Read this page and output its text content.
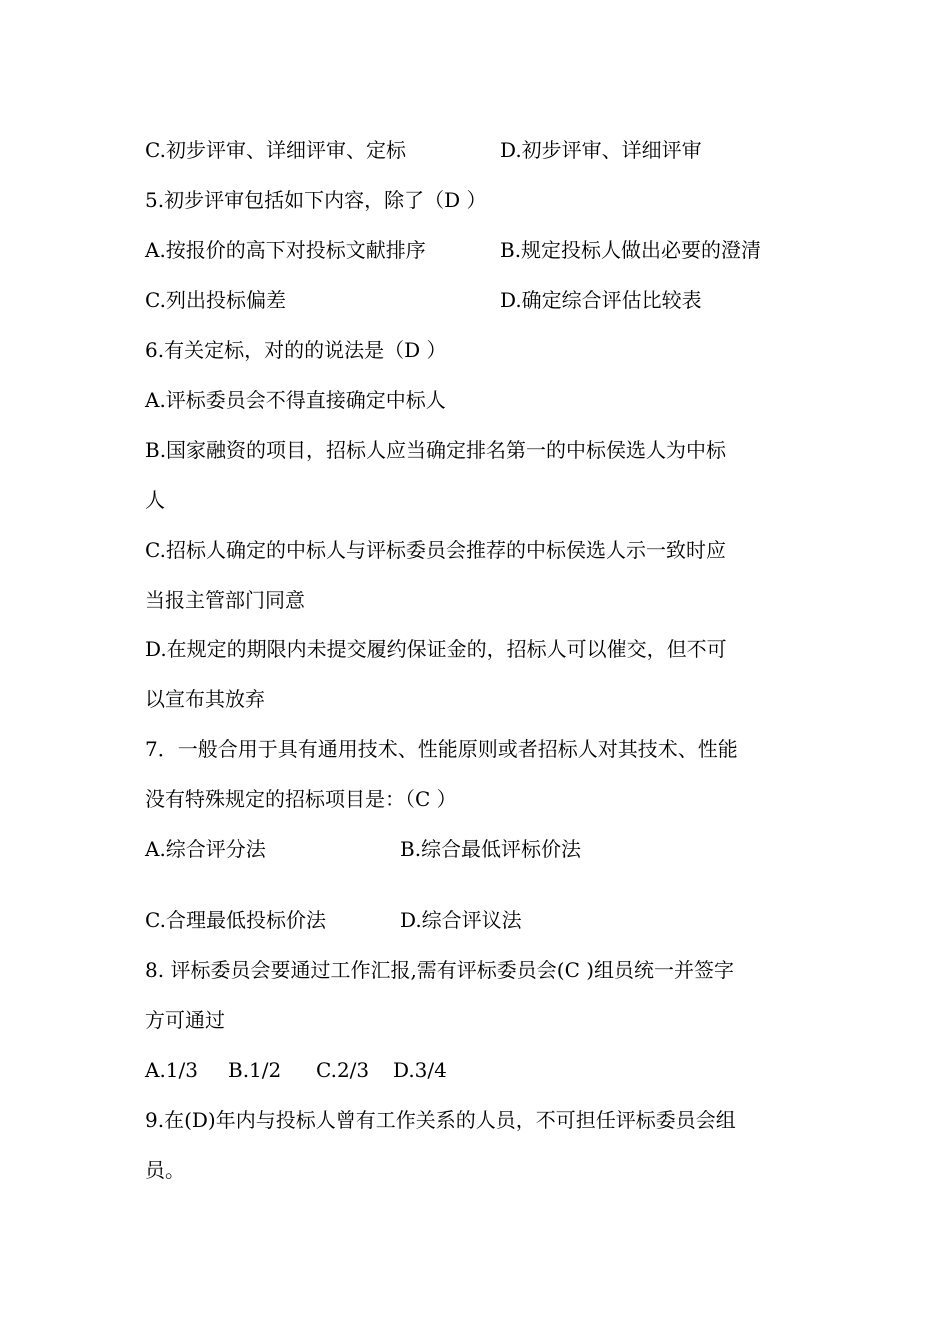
C.初步评审、详细评审、定标	D.初步评审、详细评审
5.初步评审包括如下内容，除了（D ）
A.按报价的高下对投标文献排序	B.规定投标人做出必要的澄清
C.列出投标偏差	D.确定综合评估比较表
6.有关定标，对的的说法是（D ）
A.评标委员会不得直接确定中标人
B.国家融资的项目，招标人应当确定排名第一的中标侯选人为中标
人
C.招标人确定的中标人与评标委员会推荐的中标侯选人示一致时应
当报主管部门同意
D.在规定的期限内未提交履约保证金的，招标人可以催交，但不可
以宣布其放弃
7．一般合用于具有通用技术、性能原则或者招标人对其技术、性能
没有特殊规定的招标项目是：（C ）
A.综合评分法	B.综合最低评标价法
C.合理最低投标价法	D.综合评议法
8. 评标委员会要通过工作汇报,需有评标委员会(C )组员统一并签字
方可通过
A.1/3 B.1/2 C.2/3 D.3/4
9.在(D)年内与投标人曾有工作关系的人员，不可担任评标委员会组
员。
